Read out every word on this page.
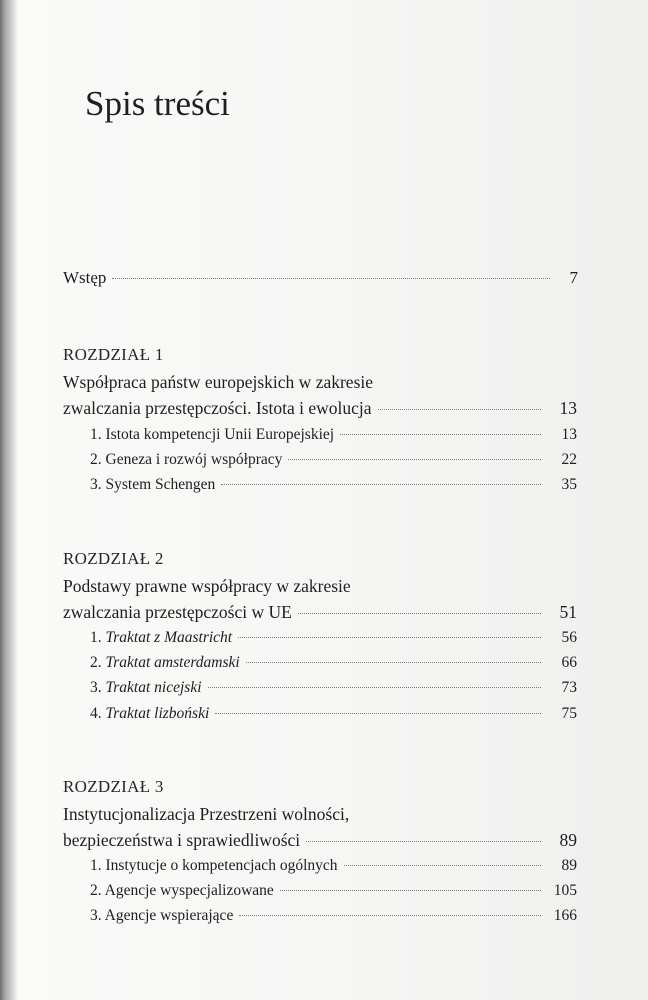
Spis treści
Wstęp	7
ROZDZIAŁ 1
Współpraca państw europejskich w zakresie
zwalczania przestępczości. Istota i ewolucja	13
1. Istota kompetencji Unii Europejskiej	13
2. Geneza i rozwój współpracy	22
3. System Schengen	35
ROZDZIAŁ 2
Podstawy prawne współpracy w zakresie
zwalczania przestępczości w UE	51
1. Traktat z Maastricht	56
2. Traktat amsterdamski	66
3. Traktat nicejski	73
4. Traktat lizboński	75
ROZDZIAŁ 3
Instytucjonalizacja Przestrzeni wolności,
bezpieczeństwa i sprawiedliwości	89
1. Instytucje o kompetencjach ogólnych	89
2. Agencje wyspecjalizowane	105
3. Agencje wspierające	166
